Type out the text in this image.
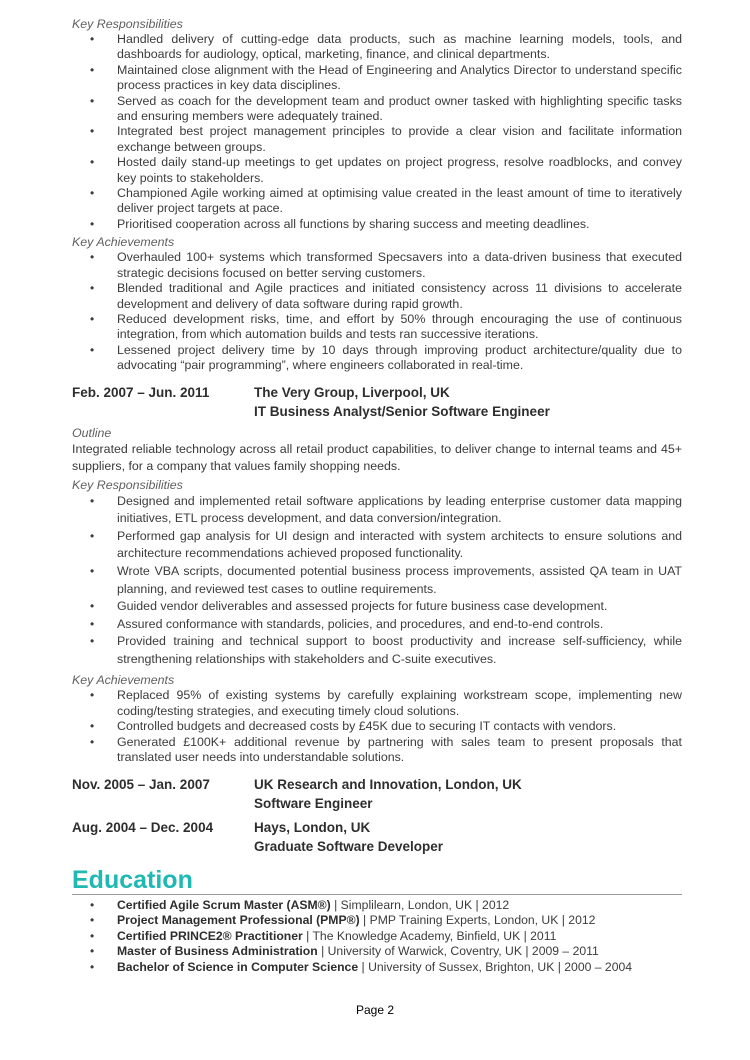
Key Responsibilities
• Handled delivery of cutting-edge data products, such as machine learning models, tools, and dashboards for audiology, optical, marketing, finance, and clinical departments.
• Maintained close alignment with the Head of Engineering and Analytics Director to understand specific process practices in key data disciplines.
• Served as coach for the development team and product owner tasked with highlighting specific tasks and ensuring members were adequately trained.
• Integrated best project management principles to provide a clear vision and facilitate information exchange between groups.
• Hosted daily stand-up meetings to get updates on project progress, resolve roadblocks, and convey key points to stakeholders.
• Championed Agile working aimed at optimising value created in the least amount of time to iteratively deliver project targets at pace.
• Prioritised cooperation across all functions by sharing success and meeting deadlines.
Key Achievements
• Overhauled 100+ systems which transformed Specsavers into a data-driven business that executed strategic decisions focused on better serving customers.
• Blended traditional and Agile practices and initiated consistency across 11 divisions to accelerate development and delivery of data software during rapid growth.
• Reduced development risks, time, and effort by 50% through encouraging the use of continuous integration, from which automation builds and tests ran successive iterations.
• Lessened project delivery time by 10 days through improving product architecture/quality due to advocating “pair programming”, where engineers collaborated in real-time.
Feb. 2007 – Jun. 2011	The Very Group, Liverpool, UK
IT Business Analyst/Senior Software Engineer
Outline

Integrated reliable technology across all retail product capabilities, to deliver change to internal teams and 45+ suppliers, for a company that values family shopping needs.

Key Responsibilities
• Designed and implemented retail software applications by leading enterprise customer data mapping initiatives, ETL process development, and data conversion/integration.
• Performed gap analysis for UI design and interacted with system architects to ensure solutions and architecture recommendations achieved proposed functionality.
• Wrote VBA scripts, documented potential business process improvements, assisted QA team in UAT planning, and reviewed test cases to outline requirements.
• Guided vendor deliverables and assessed projects for future business case development.
• Assured conformance with standards, policies, and procedures, and end-to-end controls.
• Provided training and technical support to boost productivity and increase self-sufficiency, while strengthening relationships with stakeholders and C-suite executives.
Key Achievements
• Replaced 95% of existing systems by carefully explaining workstream scope, implementing new coding/testing strategies, and executing timely cloud solutions.
• Controlled budgets and decreased costs by £45K due to securing IT contacts with vendors.
• Generated £100K+ additional revenue by partnering with sales team to present proposals that translated user needs into understandable solutions.
Nov. 2005 – Jan. 2007	UK Research and Innovation, London, UK
Software Engineer
Aug. 2004 – Dec. 2004	Hays, London, UK
Graduate Software Developer
Education
• Certified Agile Scrum Master (ASM®) | Simplilearn, London, UK | 2012
• Project Management Professional (PMP®) | PMP Training Experts, London, UK | 2012
• Certified PRINCE2® Practitioner | The Knowledge Academy, Binfield, UK | 2011
• Master of Business Administration | University of Warwick, Coventry, UK | 2009 – 2011
• Bachelor of Science in Computer Science | University of Sussex, Brighton, UK | 2000 – 2004
Page 2
